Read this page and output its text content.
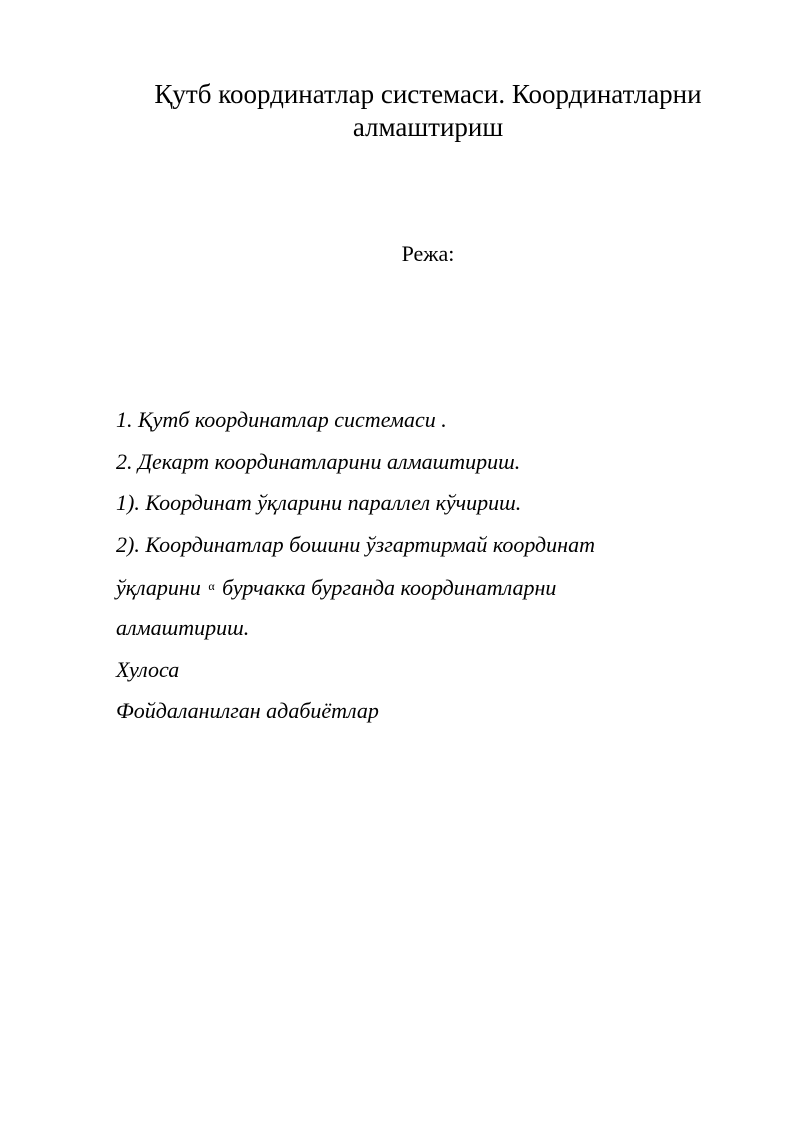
Қутб координатлар системаси. Координатларни
алмаштириш

Режа:

1. Қутб координатлар системаси .
2. Декарт координатларини алмаштириш.
1). Координат ўқларини параллел кўчириш.
2). Координатлар бошини ўзгартирмай координат
ўқларини $^\alpha$ бурчакка бурганда координатларни
алмаштириш.
Хулоса
Фойдаланилган адабиётлар
